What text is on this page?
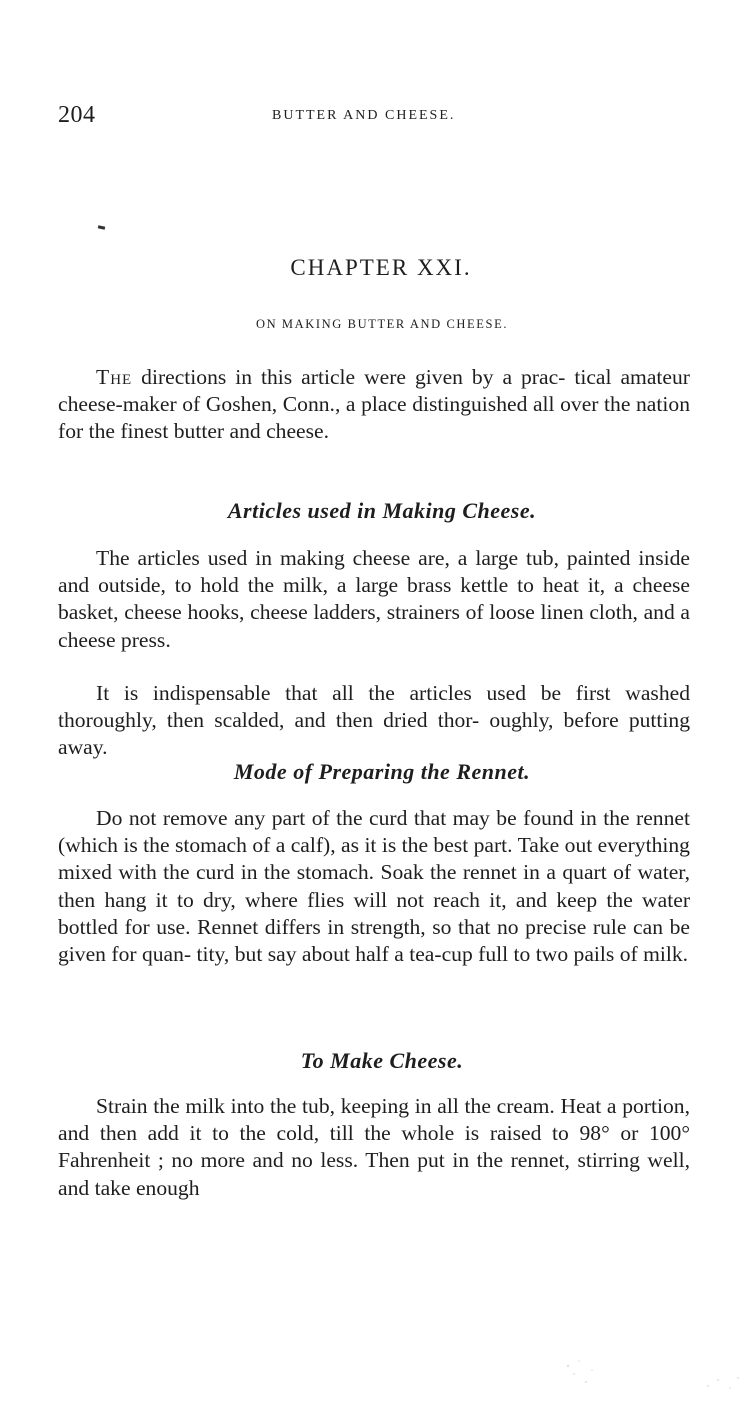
204	BUTTER AND CHEESE.
CHAPTER XXI.
ON MAKING BUTTER AND CHEESE.

The directions in this article were given by a prac- tical amateur cheese-maker of Goshen, Conn., a place distinguished all over the nation for the finest butter and cheese.

Articles used in Making Cheese.

The articles used in making cheese are, a large tub, painted inside and outside, to hold the milk, a large brass kettle to heat it, a cheese basket, cheese hooks, cheese ladders, strainers of loose linen cloth, and a cheese press.

It is indispensable that all the articles used be first washed thoroughly, then scalded, and then dried thor- oughly, before putting away.

Mode of Preparing the Rennet.

Do not remove any part of the curd that may be found in the rennet (which is the stomach of a calf), as it is the best part. Take out everything mixed with the curd in the stomach. Soak the rennet in a quart of water, then hang it to dry, where flies will not reach it, and keep the water bottled for use. Rennet differs in strength, so that no precise rule can be given for quan- tity, but say about half a tea-cup full to two pails of milk.

To Make Cheese.

Strain the milk into the tub, keeping in all the cream. Heat a portion, and then add it to the cold, till the whole is raised to 98° or 100° Fahrenheit ; no more and no less. Then put in the rennet, stirring well, and take enough
